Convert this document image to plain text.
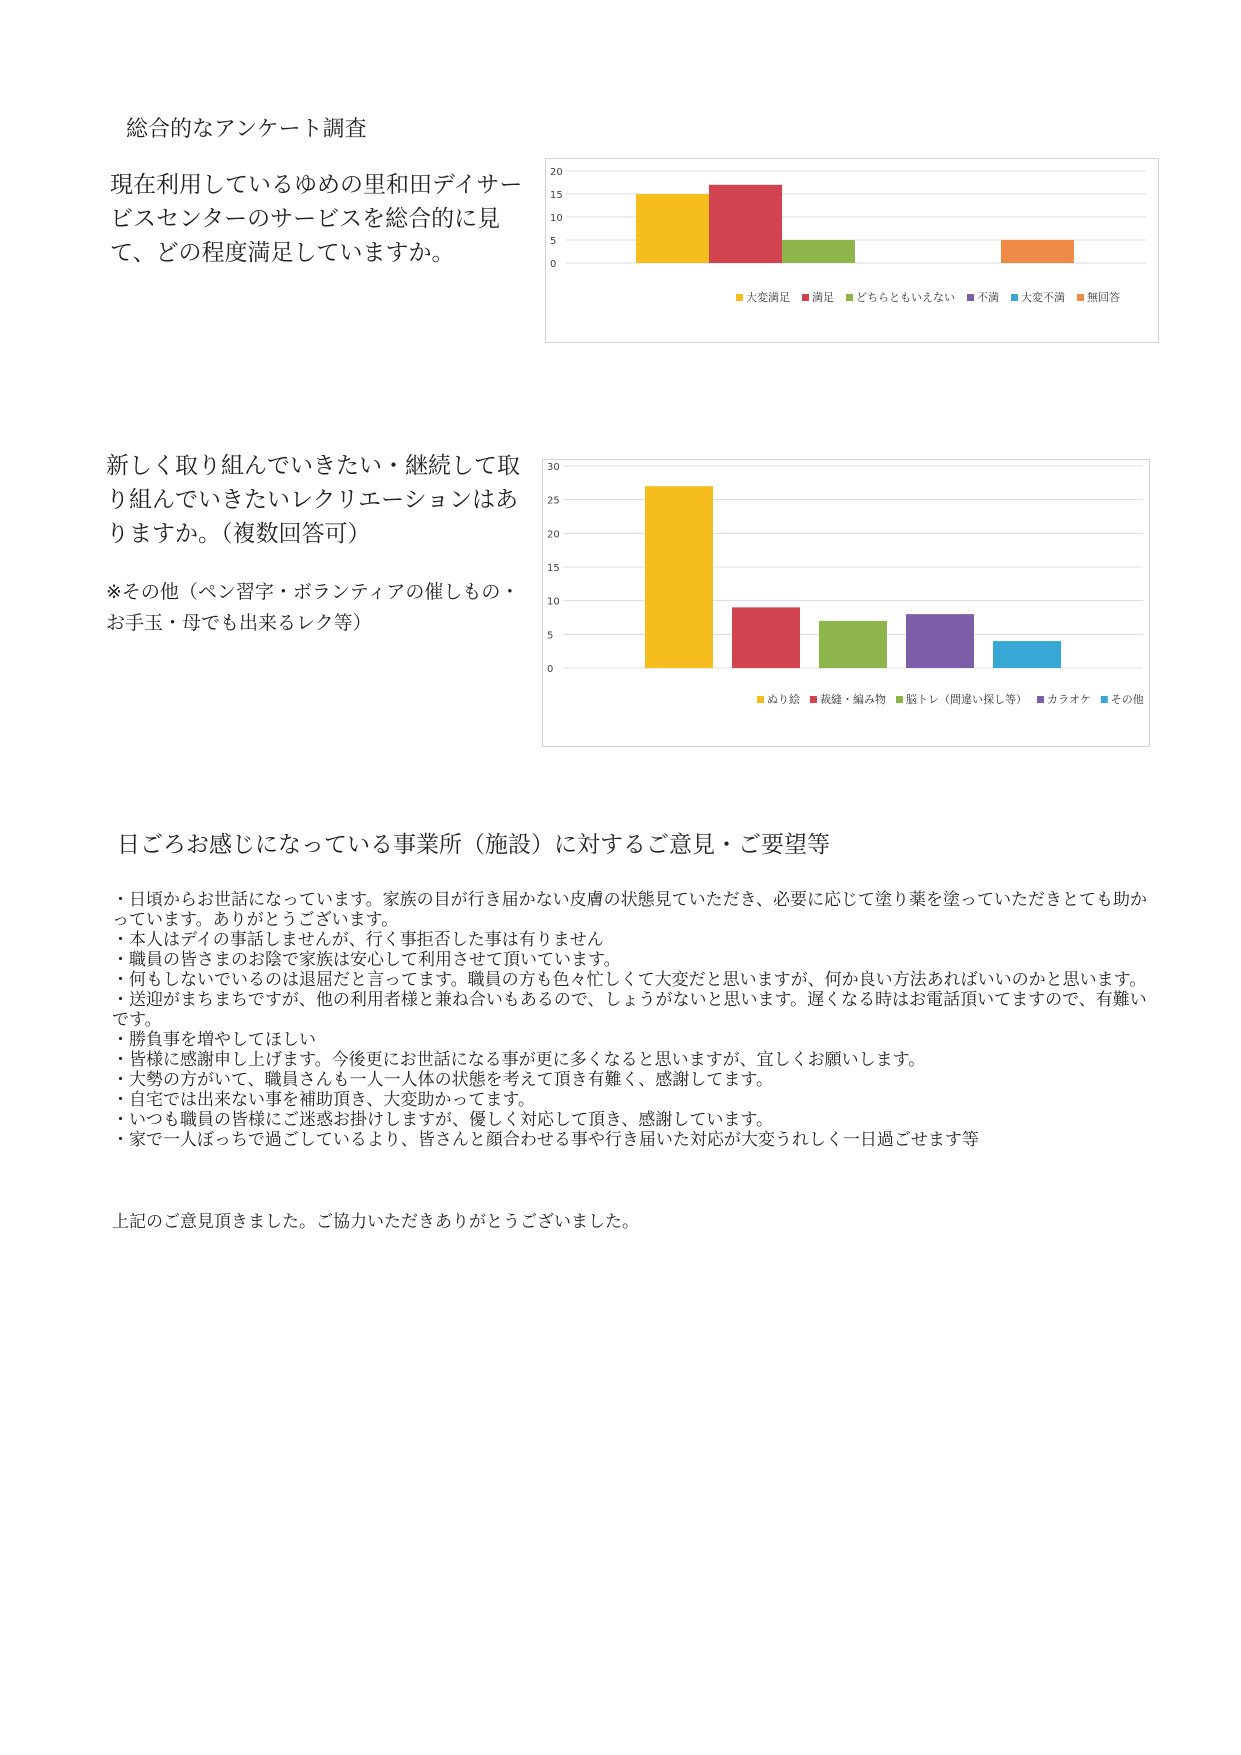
総合的なアンケート調査
現在利用しているゆめの里和田デイサービスセンターのサービスを総合的に見て、どの程度満足していますか。	0
5
10
15
20
大変満足 満足 どちらともいえない 不満 大変不満 無回答
新しく取り組んでいきたい・継続して取り組んでいきたいレクリエーションはありますか。（複数回答可）
※その他（ペン習字・ボランティアの催しもの・お手玉・母でも出来るレク等）
0
5
10
15
20
25
30
ぬり絵 裁縫・編み物 脳トレ（間違い探し等） カラオケ その他
日ごろお感じになっている事業所（施設）に対するご意見・ご要望等

・日頃からお世話になっています。家族の目が行き届かない皮膚の状態見ていただき、必要に応じて塗り薬を塗っていただきとても助かっています。ありがとうございます。

・本人はデイの事話しませんが、行く事拒否した事は有りません

・職員の皆さまのお陰で家族は安心して利用させて頂いています。

・何もしないでいるのは退屈だと言ってます。職員の方も色々忙しくて大変だと思いますが、何か良い方法あればいいのかと思います。

・送迎がまちまちですが、他の利用者様と兼ね合いもあるので、しょうがないと思います。遅くなる時はお電話頂いてますので、有難いです。

・勝負事を増やしてほしい

・皆様に感謝申し上げます。今後更にお世話になる事が更に多くなると思いますが、宜しくお願いします。

・大勢の方がいて、職員さんも一人一人体の状態を考えて頂き有難く、感謝してます。

・自宅では出来ない事を補助頂き、大変助かってます。

・いつも職員の皆様にご迷惑お掛けしますが、優しく対応して頂き、感謝しています。

・家で一人ぼっちで過ごしているより、皆さんと顔合わせる事や行き届いた対応が大変うれしく一日過ごせます等

上記のご意見頂きました。ご協力いただきありがとうございました。
